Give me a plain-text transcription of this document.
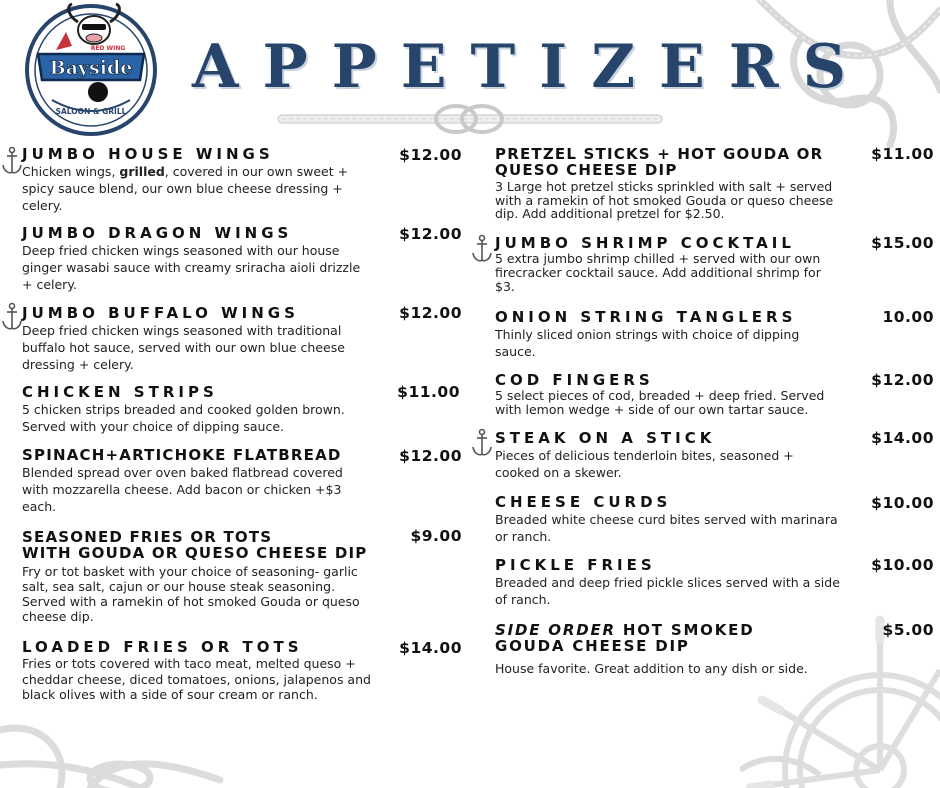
RED WING
Bayside
SALOON & GRILL
APPETIZERS
JUMBO HOUSE WINGS
Chicken wings, grilled, covered in our own sweet + spicy sauce blend, our own blue cheese dressing + celery.
$12.00
JUMBO DRAGON WINGS
Deep fried chicken wings seasoned with our house ginger wasabi sauce with creamy sriracha aioli drizzle + celery.
$12.00
JUMBO BUFFALO WINGS
Deep fried chicken wings seasoned with traditional buffalo hot sauce, served with our own blue cheese dressing + celery.
$12.00
CHICKEN STRIPS
5 chicken strips breaded and cooked golden brown. Served with your choice of dipping sauce.
$11.00
SPINACH+ARTICHOKE FLATBREAD
Blended spread over oven baked flatbread covered with mozzarella cheese. Add bacon or chicken +$3 each.
$12.00
SEASONED FRIES OR TOTS
WITH GOUDA OR QUESO CHEESE DIP
Fry or tot basket with your choice of seasoning- garlic salt, sea salt, cajun or our house steak seasoning. Served with a ramekin of hot smoked Gouda or queso cheese dip.
$9.00
LOADED FRIES OR TOTS
Fries or tots covered with taco meat, melted queso + cheddar cheese, diced tomatoes, onions, jalapenos and black olives with a side of sour cream or ranch.
$14.00
PRETZEL STICKS + HOT GOUDA OR
QUESO CHEESE DIP
3 Large hot pretzel sticks sprinkled with salt + served with a ramekin of hot smoked Gouda or queso cheese dip. Add additional pretzel for $2.50.
$11.00
JUMBO SHRIMP COCKTAIL
5 extra jumbo shrimp chilled + served with our own firecracker cocktail sauce. Add additional shrimp for $3.
$15.00
ONION STRING TANGLERS
Thinly sliced onion strings with choice of dipping sauce.
10.00
COD FINGERS
5 select pieces of cod, breaded + deep fried. Served with lemon wedge + side of our own tartar sauce.
$12.00
STEAK ON A STICK
Pieces of delicious tenderloin bites, seasoned + cooked on a skewer.
$14.00
CHEESE CURDS
Breaded white cheese curd bites served with marinara or ranch.
$10.00
PICKLE FRIES
Breaded and deep fried pickle slices served with a side of ranch.
$10.00
SIDE ORDER HOT SMOKED
GOUDA CHEESE DIP
House favorite. Great addition to any dish or side.
$5.00
